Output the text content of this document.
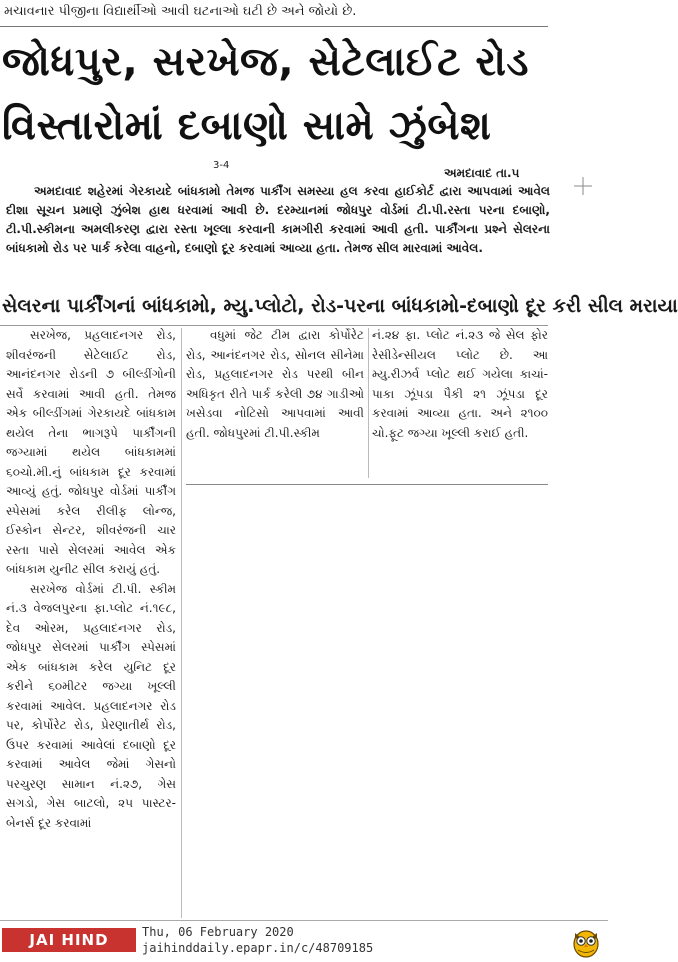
મચાવનાર પીજીના વિદ્યાર્થીઓ આવી ઘટનાઓ ઘટી છે અને જોયો છે.
જોધપુર, સરખેજ, સેટેલાઈટ રોડ
વિસ્તારોમાં દબાણો સામે ઝુંબેશ
3-4
અમદાવાદ તા.૫

અમદાવાદ શહેરમાં ગેરકાયદે બાંધકામો તેમજ પાર્કીંગ સમસ્યા હલ કરવા હાઈકોર્ટ દ્વારા આપવામાં આવેલ દીશા સૂચન પ્રમાણે ઝુંબેશ હાથ ધરવામાં આવી છે. દરમ્યાનમાં જોધપુર વોર્ડમાં ટી.પી.રસ્તા પરના દબાણો, ટી.પી.સ્કીમના અમલીકરણ દ્વારા રસ્તા ખૂલ્લા કરવાની કામગીરી કરવામાં આવી હતી. પાર્કીંગના પ્રશ્ને સેલરના બાંધકામો રોડ પર પાર્ક કરેલા વાહનો, દબાણો દૂર કરવામાં આવ્યા હતા. તેમજ સીલ મારવામાં આવેલ.

સેલરના પાર્કીંગનાં બાંધકામો, મ્યુ.પ્લોટો, રોડ-પરના બાંધકામો-દબાણો દૂર કરી સીલ મરાયા

સરખેજ, પ્રહલાદનગર રોડ, શીવરંજની સેટેલાઈટ રોડ, આનંદનગર રોડની ૭ બીલ્ડીંગોની સર્વે કરવામાં આવી હતી. તેમજ એક બીલ્ડીંગમાં ગેરકાયદે બાંધકામ થયેલ તેના ભાગરૂપે પાર્કીંગની જગ્યામાં થયેલ બાંધકામમાં ૬૦ચો.મી.નું બાંધકામ દૂર કરવામાં આવ્યું હતું. જોધપુર વોર્ડમાં પાર્કીંગ સ્પેસમાં કરેલ રીલીફ લોન્જ, ઈસ્કોન સેન્ટર, શીવરંજની ચાર રસ્તા પાસે સેલરમાં આવેલ એક બાંધકામ યુનીટ સીલ કરાયું હતું.

સરખેજ વોર્ડમાં ટી.પી. સ્કીમ નં.૩ વેજલપુરના ફા.પ્લોટ નં.૧૯૮, દેવ ઓરમ, પ્રહલાદનગર રોડ, જોધપુર સેલરમાં પાર્કીંગ સ્પેસમાં એક બાંધકામ કરેલ યુનિટ દૂર કરીને ૬૦મીટર જગ્યા ખૂલ્લી કરવામાં આવેલ. પ્રહલાદનગર રોડ પર, કોર્પોરેટ રોડ, પ્રેરણાતીર્થ રોડ, ઉપર કરવામાં આવેલાં દબાણો દૂર કરવામાં આવેલ જેમાં ગેસનો પરચુરણ સામાન નં.૨૭, ગેસ સગડો, ગેસ બાટલો, ૨૫ પાસ્ટર-બેનર્સ દૂર કરવામાં

વધુમાં જેટ ટીમ દ્વારા કોર્પોરેટ રોડ, આનંદનગર રોડ, સોનલ સીનેમા રોડ, પ્રહલાદનગર રોડ પરથી બીન અધિકૃત રીતે પાર્ક કરેલી ૭૪ ગાડીઓ ખસેડવા નોટિસો આપવામાં આવી હતી. જોધપુરમાં ટી.પી.સ્કીમ

નં.૨૪ ફા. પ્લોટ નં.૨૩ જે સેલ ફોર રેસીડેન્સીયલ પ્લોટ છે. આ મ્યુ.રીઝર્વ પ્લોટ થઈ ગયેલા કાચાં-પાકા ઝૂંપડા પૈકી ૨૧ ઝૂંપડા દૂર કરવામાં આવ્યા હતા. અને ૨૧૦૦ ચો.ફૂટ જગ્યા ખૂલ્લી કરાઈ હતી.

JAI HIND	Thu, 06 February 2020
jaihinddaily.epapr.in/c/48709185
